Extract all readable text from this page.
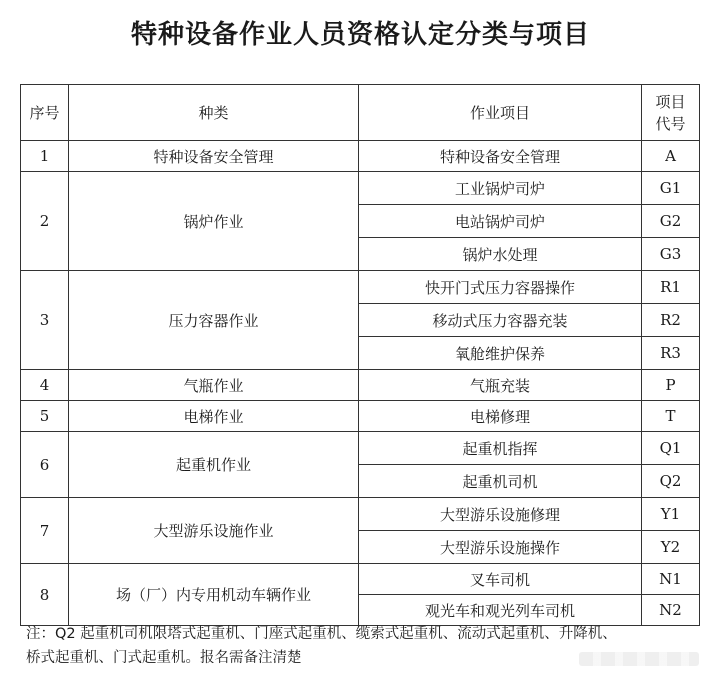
特种设备作业人员资格认定分类与项目
序号	种类	作业项目	项目
代号

1	特种设备安全管理	特种设备安全管理	A
2	锅炉作业	工业锅炉司炉	G1
		电站锅炉司炉	G2
		锅炉水处理	G3
3	压力容器作业	快开门式压力容器操作	R1
		移动式压力容器充装	R2
		氧舱维护保养	R3
4	气瓶作业	气瓶充装	P
5	电梯作业	电梯修理	T
6	起重机作业	起重机指挥	Q1
		起重机司机	Q2
7	大型游乐设施作业	大型游乐设施修理	Y1
		大型游乐设施操作	Y2
8	场（厂）内专用机动车辆作业	叉车司机	N1
		观光车和观光列车司机	N2
注：Q2 起重机司机限塔式起重机、门座式起重机、缆索式起重机、流动式起重机、升降机、
桥式起重机、门式起重机。报名需备注清楚
